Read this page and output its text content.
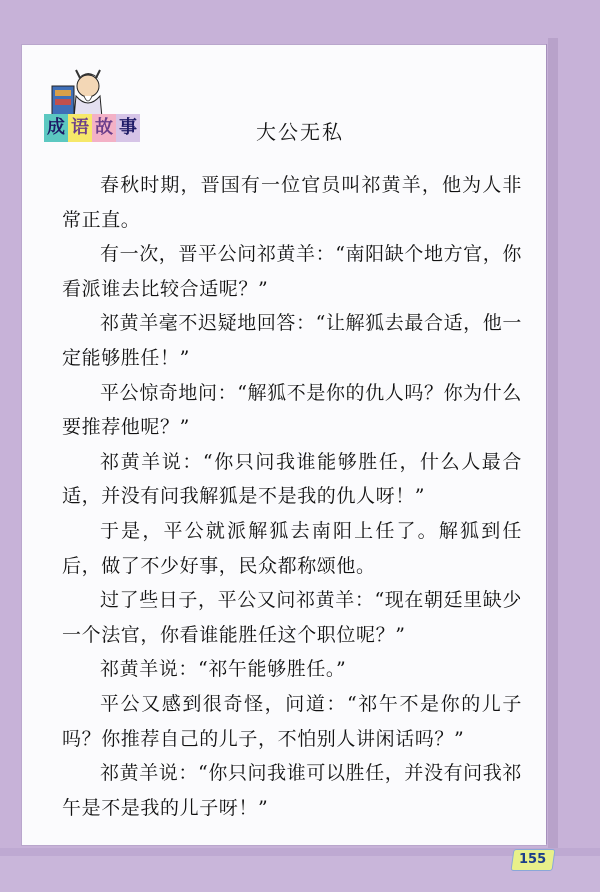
成 语 故 事	大公无私

春秋时期，晋国有一位官员叫祁黄羊，他为人非常正直。

有一次，晋平公问祁黄羊：“南阳缺个地方官，你看派谁去比较合适呢？”

祁黄羊毫不迟疑地回答：“让解狐去最合适，他一定能够胜任！”

平公惊奇地问：“解狐不是你的仇人吗？你为什么要推荐他呢？”

祁黄羊说：“你只问我谁能够胜任，什么人最合适，并没有问我解狐是不是我的仇人呀！”

于是，平公就派解狐去南阳上任了。解狐到任后，做了不少好事，民众都称颂他。

过了些日子，平公又问祁黄羊：“现在朝廷里缺少一个法官，你看谁能胜任这个职位呢？”

祁黄羊说：“祁午能够胜任。”

平公又感到很奇怪，问道：“祁午不是你的儿子吗？你推荐自己的儿子，不怕别人讲闲话吗？”

祁黄羊说：“你只问我谁可以胜任，并没有问我祁午是不是我的儿子呀！”

155
